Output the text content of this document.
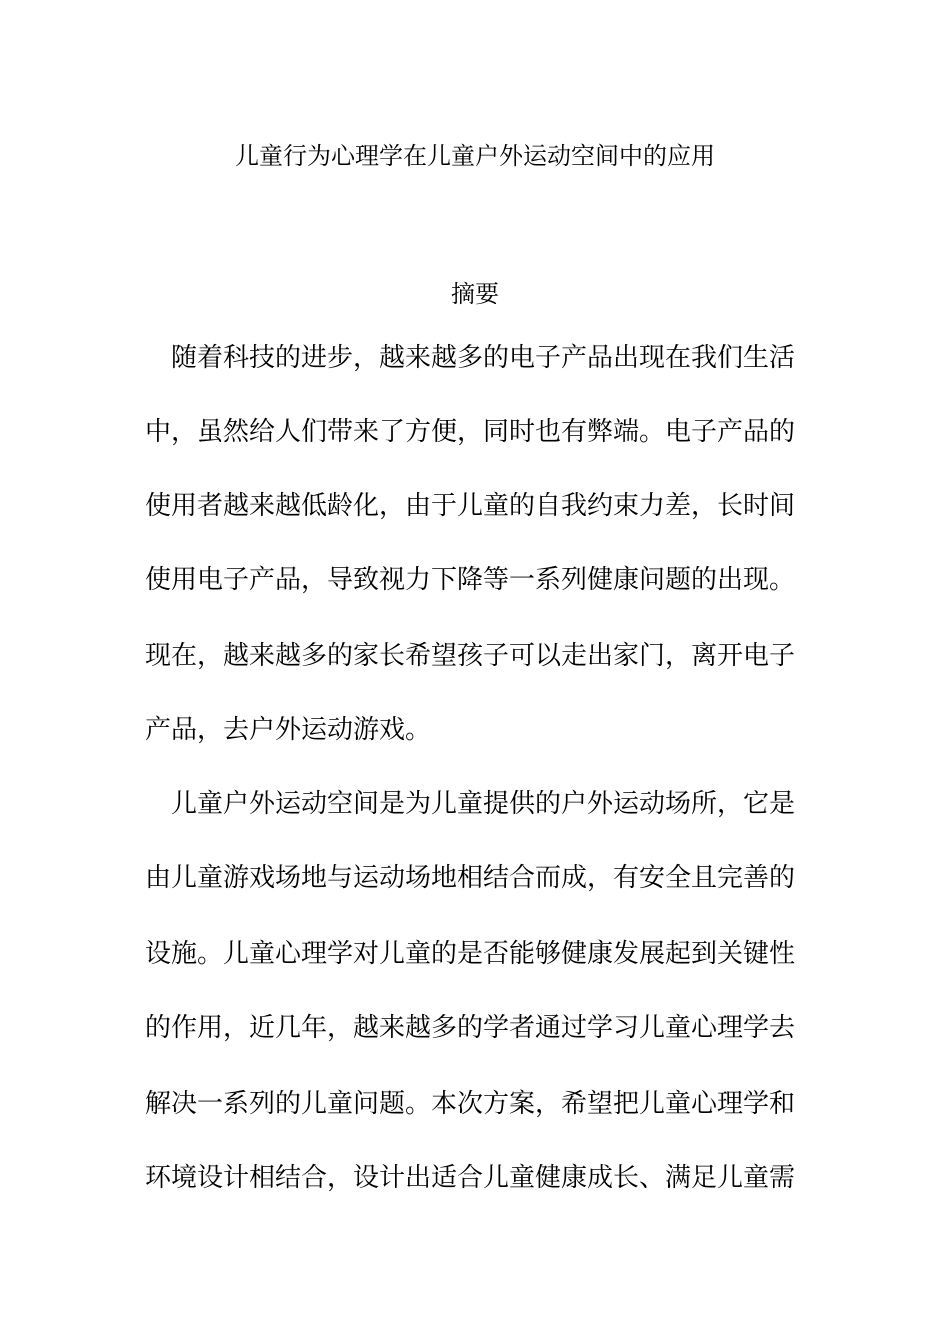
儿童行为心理学在儿童户外运动空间中的应用
摘要

　随着科技的进步，越来越多的电子产品出现在我们生活

中，虽然给人们带来了方便，同时也有弊端。电子产品的

使用者越来越低龄化，由于儿童的自我约束力差，长时间

使用电子产品，导致视力下降等一系列健康问题的出现。

现在，越来越多的家长希望孩子可以走出家门，离开电子

产品，去户外运动游戏。

　儿童户外运动空间是为儿童提供的户外运动场所，它是

由儿童游戏场地与运动场地相结合而成，有安全且完善的

设施。儿童心理学对儿童的是否能够健康发展起到关键性

的作用，近几年，越来越多的学者通过学习儿童心理学去

解决一系列的儿童问题。本次方案，希望把儿童心理学和

环境设计相结合，设计出适合儿童健康成长、满足儿童需
